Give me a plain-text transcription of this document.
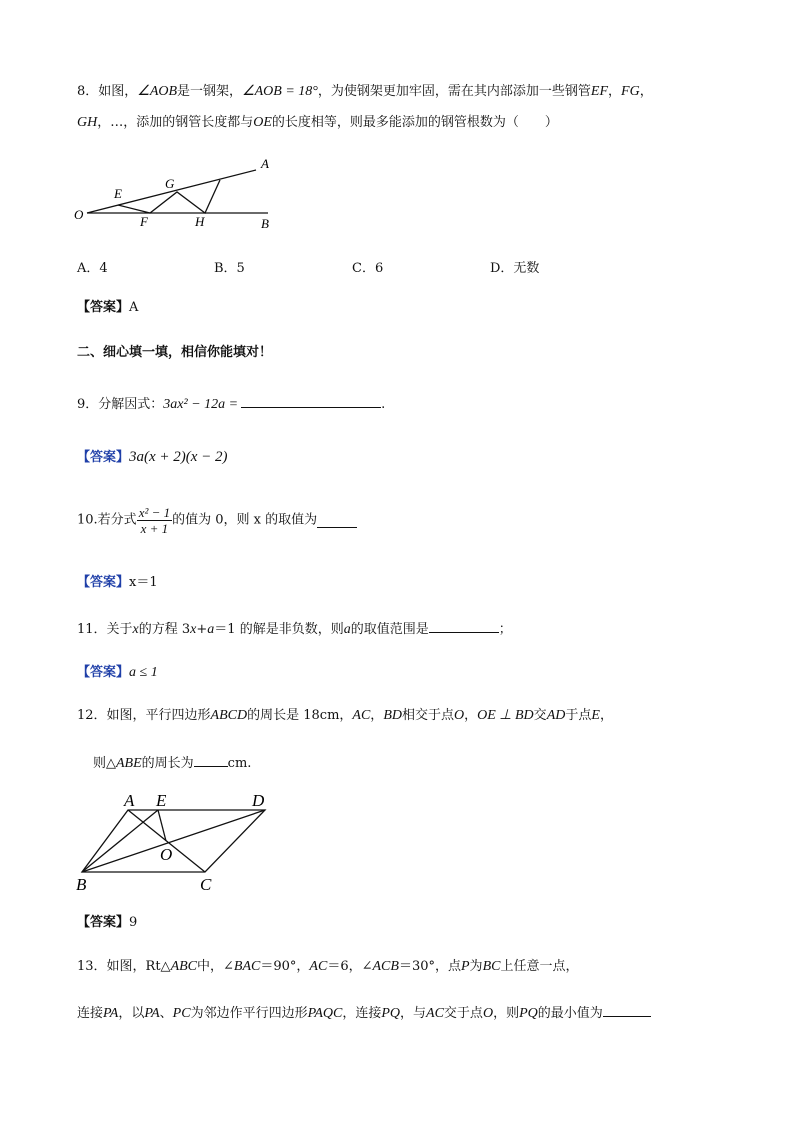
8．如图，∠AOB是一钢架，∠AOB = 18°，为使钢架更加牢固，需在其内部添加一些钢管EF，FG，
GH，…，添加的钢管长度都与OE的长度相等，则最多能添加的钢管根数为（　　）
O
E
G
A
F	H	B
A．4	B．5	C．6	D．无数
【答案】A
二、细心填一填，相信你能填对！
9．分解因式：3ax² − 12a =	.
【答案】3a(x + 2)(x − 2)
10.若分式 $\frac{\text{x² − 1}}{x + 1}$ 的值为 0，则 x 的取值为
【答案】x＝1
11．关于x的方程 3x+a＝1 的解是非负数，则a的取值范围是	；
【答案】a ≤ 1
12．如图，平行四边形ABCD的周长是 18cm，AC，BD相交于点O，OE ⊥ BD交AD于点E，
则△ABE的周长为	cm.
A E	D
O
B	C
【答案】9
13．如图，Rt△ABC中，∠BAC＝90°，AC＝6，∠ACB＝30°，点P为BC上任意一点，
连接PA，以PA、PC为邻边作平行四边形PAQC，连接PQ，与AC交于点O，则PQ的最小值为
